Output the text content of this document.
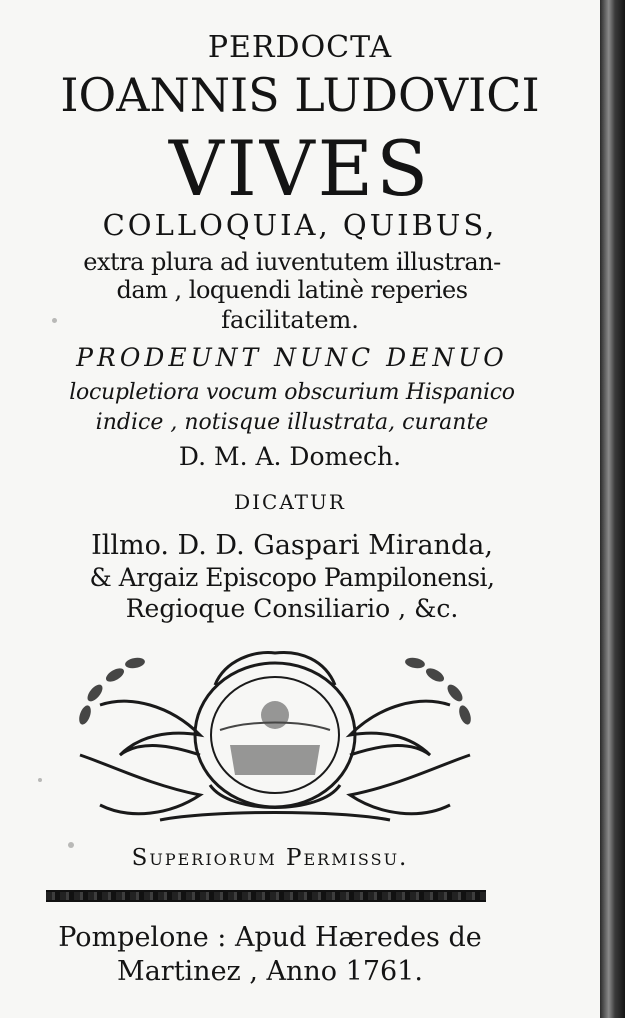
PERDOCTA
IOANNIS LUDOVICI
VIVES
COLLOQUIA, QUIBUS,
extra plura ad iuventutem illustran-
dam , loquendi latinè reperies
facilitatem.
PRODEUNT NUNC DENUO
locupletiora vocum obscurium Hispanico
indice , notisque illustrata, curante
D. M. A. Domech.
DICATUR
Illmo. D. D. Gaspari Miranda,
& Argaiz Episcopo Pampilonensi,
Regioque Consiliario , &c.
Superiorum Permissu.
Pompelone : Apud Hæredes de
Martinez , Anno 1761.
